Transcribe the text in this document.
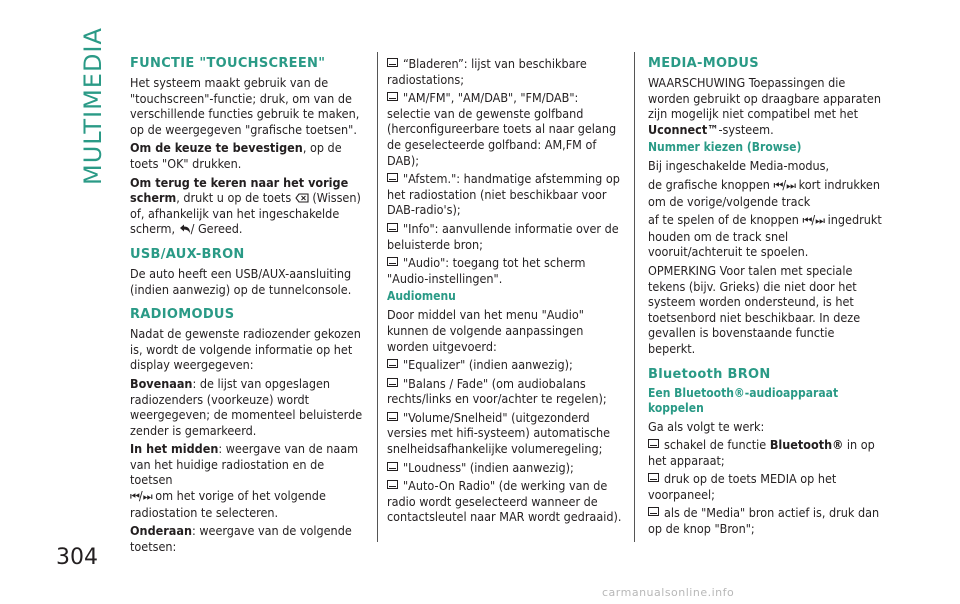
MULTIMEDIA
304
carmanualsonline.info

FUNCTIE "TOUCHSCREEN"

Het systeem maakt gebruik van de "touchscreen"-functie; druk, om van de verschillende functies gebruik te maken, op de weergegeven "grafische toetsen".

Om de keuze te bevestigen, op de toets "OK" drukken.

Om terug te keren naar het vorige scherm, drukt u op de toets (Wissen) of, afhankelijk van het ingeschakelde scherm, / Gereed.

USB/AUX-BRON

De auto heeft een USB/AUX-aansluiting (indien aanwezig) op de tunnelconsole.

RADIOMODUS

Nadat de gewenste radiozender gekozen is, wordt de volgende informatie op het display weergegeven:

Bovenaan: de lijst van opgeslagen radiozenders (voorkeuze) wordt weergegeven; de momenteel beluisterde zender is gemarkeerd.

In het midden: weergave van de naam van het huidige radiostation en de toetsen
⏮/⏭ om het vorige of het volgende radiostation te selecteren.

Onderaan: weergave van de volgende toetsen:

“Bladeren”: lijst van beschikbare radiostations;

"AM/FM", "AM/DAB", "FM/DAB": selectie van de gewenste golfband (herconfigureerbare toets al naar gelang de geselecteerde golfband: AM,FM of DAB);

"Afstem.": handmatige afstemming op het radiostation (niet beschikbaar voor DAB-radio's);

"Info": aanvullende informatie over de beluisterde bron;

"Audio": toegang tot het scherm "Audio-instellingen".

Audiomenu

Door middel van het menu "Audio" kunnen de volgende aanpassingen worden uitgevoerd:

"Equalizer" (indien aanwezig);

"Balans / Fade" (om audiobalans rechts/links en voor/achter te regelen);

"Volume/Snelheid" (uitgezonderd versies met hifi-systeem) automatische snelheidsafhankelijke volumeregeling;

"Loudness" (indien aanwezig);

"Auto-On Radio" (de werking van de radio wordt geselecteerd wanneer de contactsleutel naar MAR wordt gedraaid).

MEDIA-MODUS

WAARSCHUWING Toepassingen die worden gebruikt op draagbare apparaten zijn mogelijk niet compatibel met het Uconnect™-systeem.

Nummer kiezen (Browse)

Bij ingeschakelde Media-modus,

de grafische knoppen ⏮/⏭ kort indrukken om de vorige/volgende track

af te spelen of de knoppen ⏮/⏭ ingedrukt houden om de track snel vooruit/achteruit te spoelen.

OPMERKING Voor talen met speciale tekens (bijv. Grieks) die niet door het systeem worden ondersteund, is het toetsenbord niet beschikbaar. In deze gevallen is bovenstaande functie beperkt.

Bluetooth BRON

Een Bluetooth®-audioapparaat koppelen

Ga als volgt te werk:

schakel de functie Bluetooth® in op het apparaat;

druk op de toets MEDIA op het voorpaneel;

als de "Media" bron actief is, druk dan op de knop "Bron";
